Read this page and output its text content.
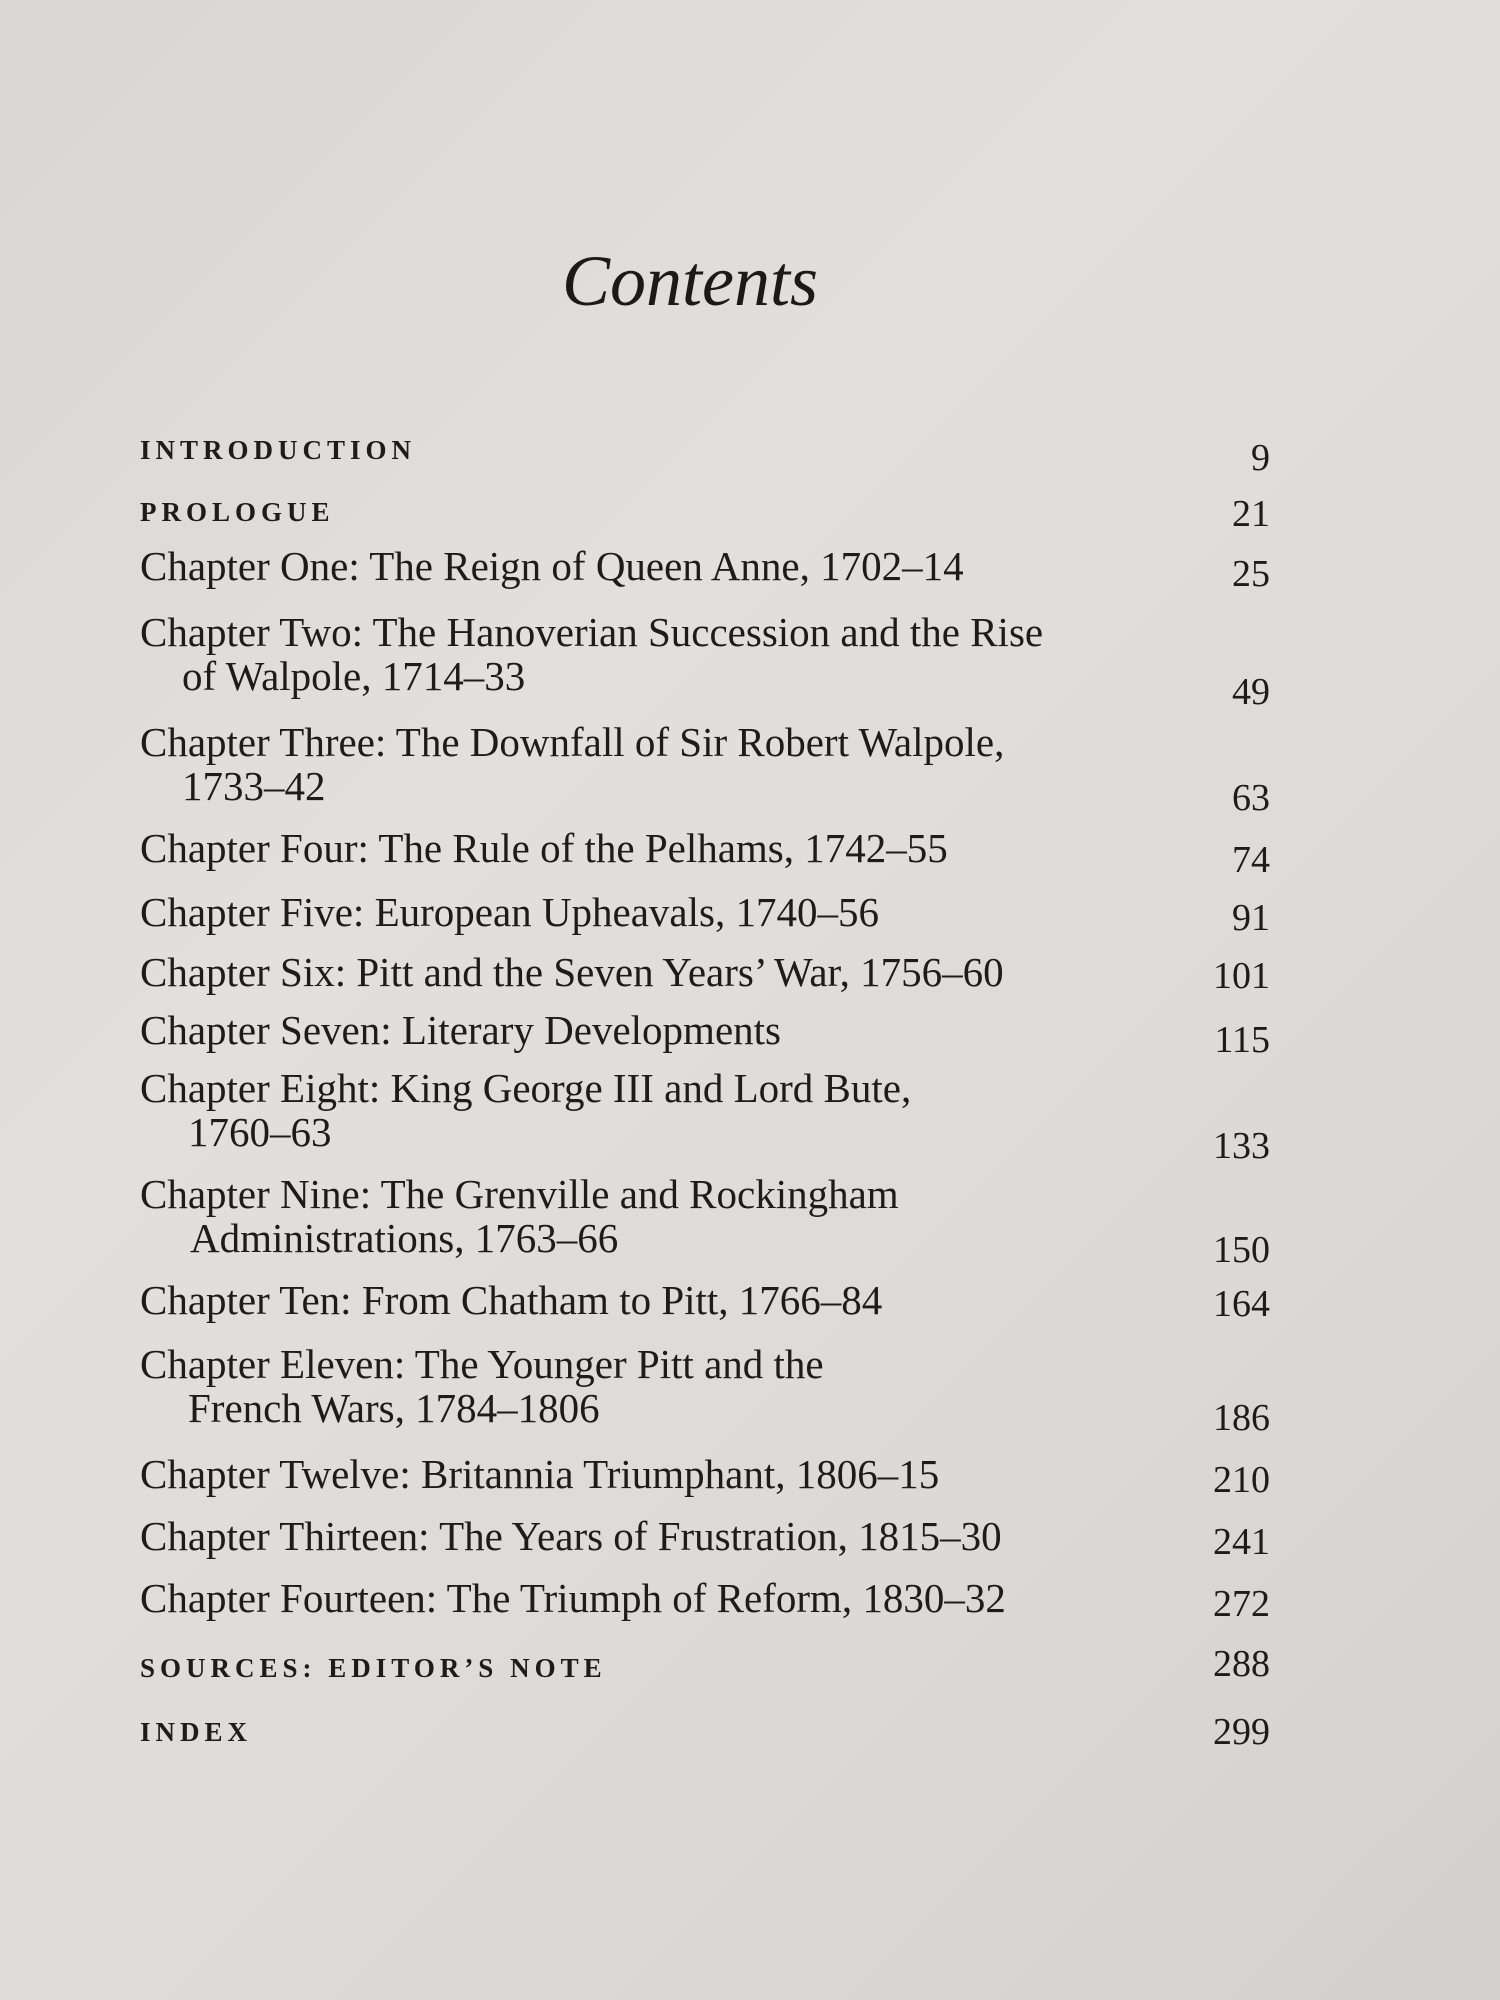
Contents
INTRODUCTION	9
PROLOGUE	21
Chapter One: The Reign of Queen Anne, 1702–14	25
Chapter Two: The Hanoverian Succession and the Rise
of Walpole, 1714–33	49
Chapter Three: The Downfall of Sir Robert Walpole,
1733–42	63
Chapter Four: The Rule of the Pelhams, 1742–55	74
Chapter Five: European Upheavals, 1740–56	91
Chapter Six: Pitt and the Seven Years’ War, 1756–60	101
Chapter Seven: Literary Developments	115
Chapter Eight: King George III and Lord Bute,
1760–63	133
Chapter Nine: The Grenville and Rockingham
Administrations, 1763–66	150
Chapter Ten: From Chatham to Pitt, 1766–84	164
Chapter Eleven: The Younger Pitt and the
French Wars, 1784–1806	186
Chapter Twelve: Britannia Triumphant, 1806–15	210
Chapter Thirteen: The Years of Frustration, 1815–30	241
Chapter Fourteen: The Triumph of Reform, 1830–32	272
SOURCES: EDITOR’S NOTE	288
INDEX	299
